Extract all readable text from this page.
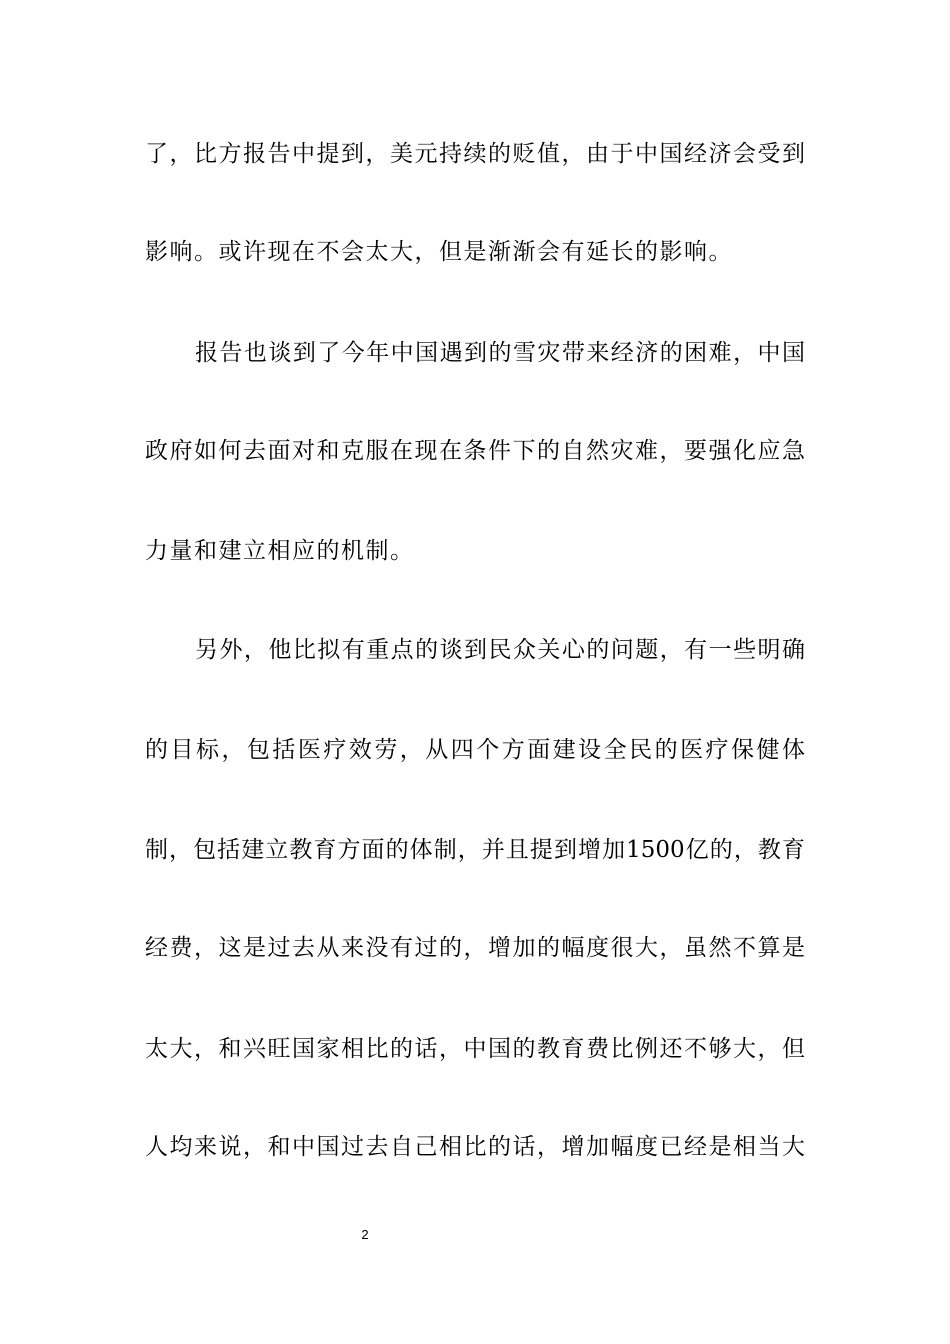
了，比方报告中提到，美元持续的贬值，由于中国经济会受到
影响。或许现在不会太大，但是渐渐会有延长的影响。
报告也谈到了今年中国遇到的雪灾带来经济的困难，中国
政府如何去面对和克服在现在条件下的自然灾难，要强化应急
力量和建立相应的机制。
另外，他比拟有重点的谈到民众关心的问题，有一些明确
的目标，包括医疗效劳，从四个方面建设全民的医疗保健体
制，包括建立教育方面的体制，并且提到增加1500亿的，教育
经费，这是过去从来没有过的，增加的幅度很大，虽然不算是
太大，和兴旺国家相比的话，中国的教育费比例还不够大，但
人均来说，和中国过去自己相比的话，增加幅度已经是相当大
2
